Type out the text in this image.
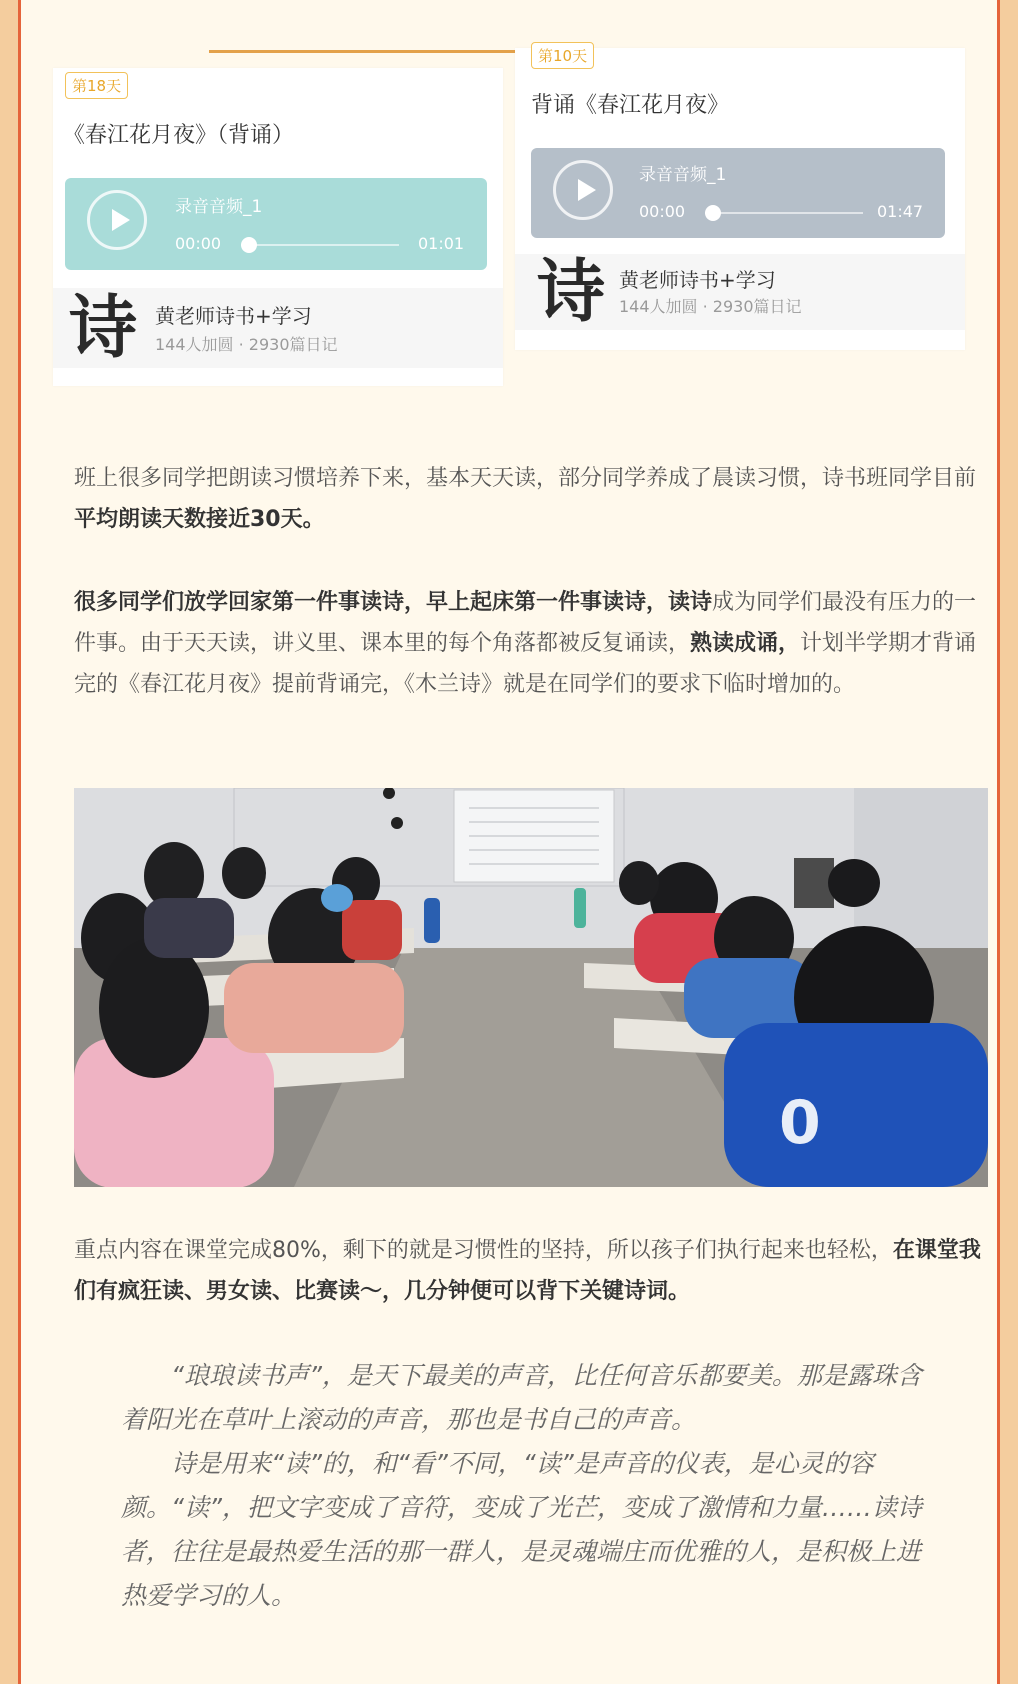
第18天
《春江花月夜》（背诵）
录音音频_1
00:00	01:01
诗 黄老师诗书+学习
144人加圆 · 2930篇日记
第10天
背诵《春江花月夜》
录音音频_1
00:00	01:47
诗 黄老师诗书+学习
144人加圆 · 2930篇日记
班上很多同学把朗读习惯培养下来，基本天天读，部分同学养成了晨读习惯，诗书班同学目前平均朗读天数接近30天。
很多同学们放学回家第一件事读诗，早上起床第一件事读诗，读诗成为同学们最没有压力的一件事。由于天天读，讲义里、课本里的每个角落都被反复诵读，熟读成诵，计划半学期才背诵完的《春江花月夜》提前背诵完，《木兰诗》就是在同学们的要求下临时增加的。
0
重点内容在课堂完成80%，剩下的就是习惯性的坚持，所以孩子们执行起来也轻松，在课堂我们有疯狂读、男女读、比赛读～，几分钟便可以背下关键诗词。

“琅琅读书声”，是天下最美的声音，比任何音乐都要美。那是露珠含着阳光在草叶上滚动的声音，那也是书自己的声音。

诗是用来“读”的，和“看”不同，“读”是声音的仪表，是心灵的容颜。“读”，把文字变成了音符，变成了光芒，变成了激情和力量……读诗者，往往是最热爱生活的那一群人，是灵魂端庄而优雅的人，是积极上进热爱学习的人。
